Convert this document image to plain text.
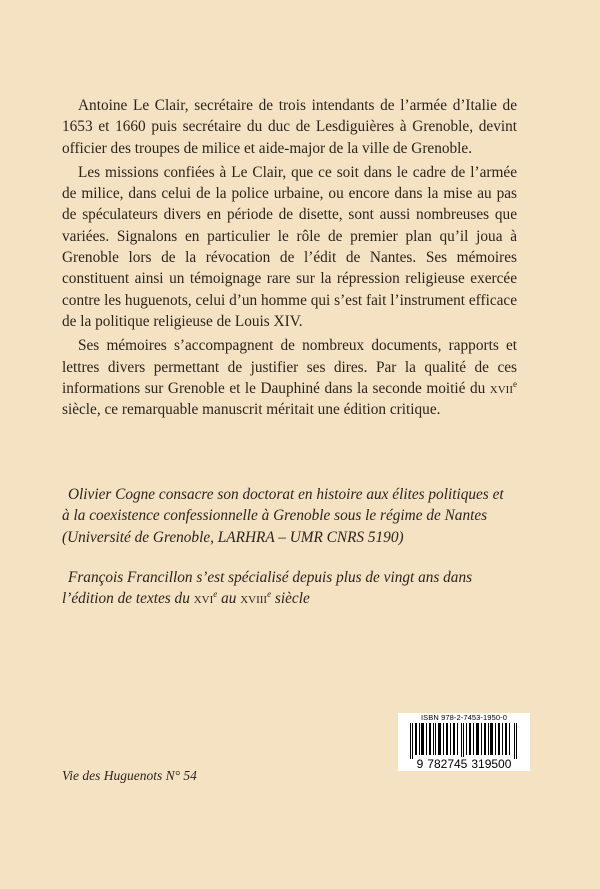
Antoine Le Clair, secrétaire de trois intendants de l’armée d’Italie de 1653 et 1660 puis secrétaire du duc de Lesdiguières à Grenoble, devint officier des troupes de milice et aide-major de la ville de Grenoble.

Les missions confiées à Le Clair, que ce soit dans le cadre de l’armée de milice, dans celui de la police urbaine, ou encore dans la mise au pas de spéculateurs divers en période de disette, sont aussi nombreuses que variées. Signalons en particulier le rôle de premier plan qu’il joua à Grenoble lors de la révocation de l’édit de Nantes. Ses mémoires constituent ainsi un témoignage rare sur la répression religieuse exercée contre les huguenots, celui d’un homme qui s’est fait l’instrument efficace de la politique religieuse de Louis XIV.

Ses mémoires s’accompagnent de nombreux documents, rapports et lettres divers permettant de justifier ses dires. Par la qualité de ces informations sur Grenoble et le Dauphiné dans la seconde moitié du xvii$^e$ siècle, ce remarquable manuscrit méritait une édition critique.

Olivier Cogne consacre son doctorat en histoire aux élites politiques et à la coexistence confessionnelle à Grenoble sous le régime de Nantes (Université de Grenoble, LARHRA – UMR CNRS 5190)

François Francillon s’est spécialisé depuis plus de vingt ans dans l’édition de textes du xvi$^e$ au xviii$^e$ siècle

Vie des Huguenots N° 54
ISBN 978-2-7453-1950-0
9 782745 319500
